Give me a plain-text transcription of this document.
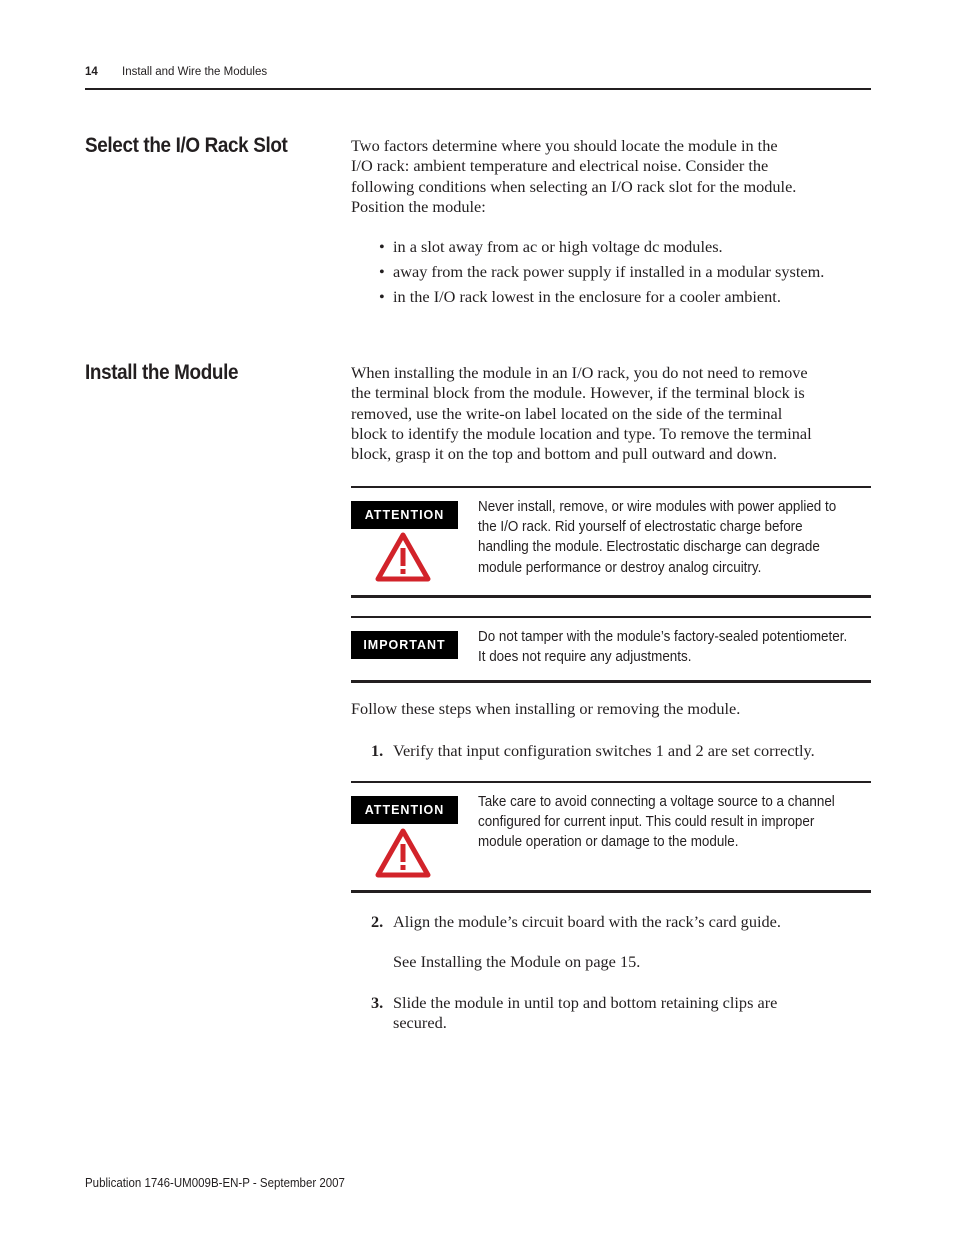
14 Install and Wire the Modules
Select the I/O Rack Slot	Two factors determine where you should locate the module in the
I/O rack: ambient temperature and electrical noise. Consider the
following conditions when selecting an I/O rack slot for the module.
Position the module:
• in a slot away from ac or high voltage dc modules.
• away from the rack power supply if installed in a modular system.
• in the I/O rack lowest in the enclosure for a cooler ambient.
Install the Module	When installing the module in an I/O rack, you do not need to remove
the terminal block from the module. However, if the terminal block is
removed, use the write-on label located on the side of the terminal
block to identify the module location and type. To remove the terminal
block, grasp it on the top and bottom and pull outward and down.
ATTENTION	Never install, remove, or wire modules with power applied to
the I/O rack. Rid yourself of electrostatic charge before
handling the module. Electrostatic discharge can degrade
module performance or destroy analog circuitry.
IMPORTANT	Do not tamper with the module’s factory-sealed potentiometer.
It does not require any adjustments.
Follow these steps when installing or removing the module.
1. Verify that input configuration switches 1 and 2 are set correctly.
ATTENTION	Take care to avoid connecting a voltage source to a channel
configured for current input. This could result in improper
module operation or damage to the module.
2. Align the module’s circuit board with the rack’s card guide.
See Installing the Module on page 15.
3. Slide the module in until top and bottom retaining clips are
secured.
Publication 1746-UM009B-EN-P - September 2007
